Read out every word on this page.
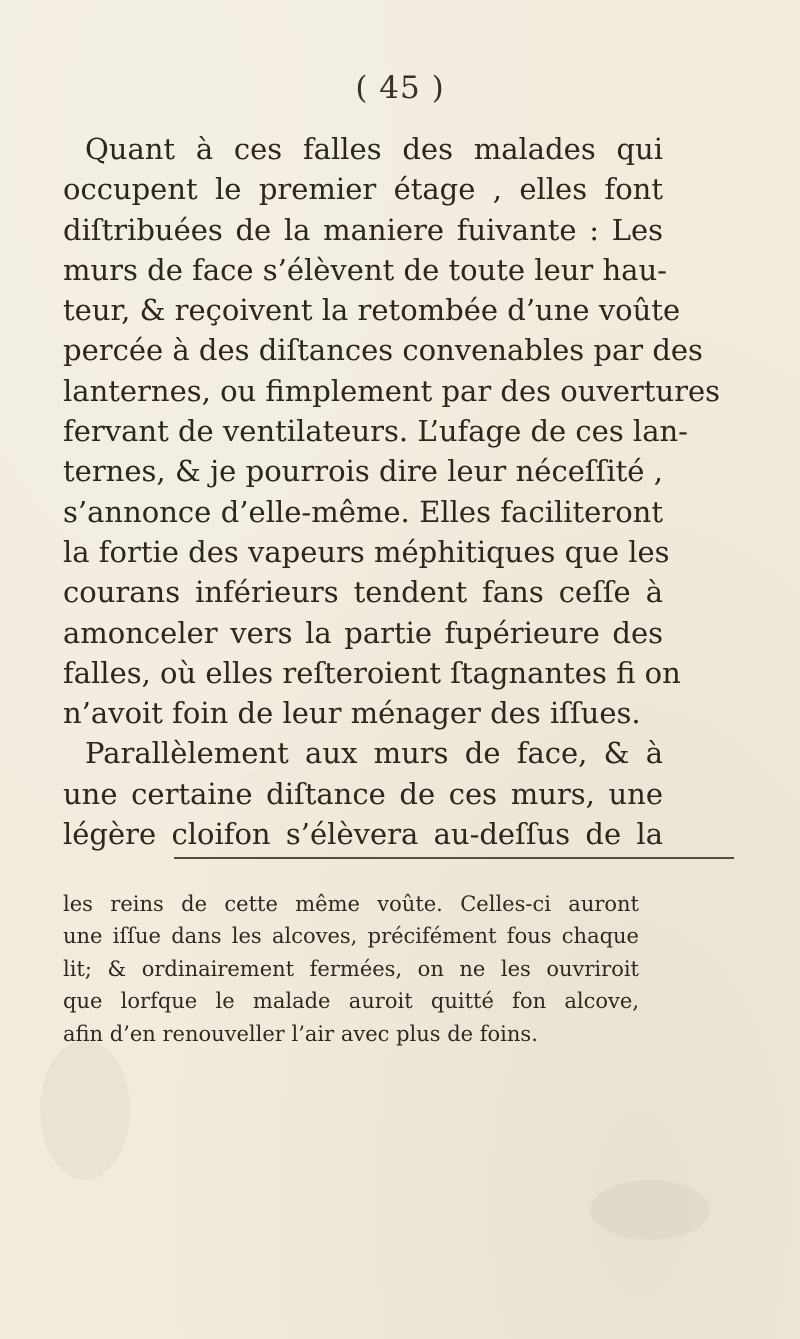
( 45 )
Quant à ces falles des malades qui
occupent le premier étage , elles font
diſtribuées de la maniere fuivante : Les
murs de face s’élèvent de toute leur hau-
teur, & reçoivent la retombée d’une voûte
percée à des diſtances convenables par des
lanternes, ou fimplement par des ouvertures
fervant de ventilateurs. L’ufage de ces lan-
ternes, & je pourrois dire leur néceſſité ,
s’annonce d’elle-même. Elles faciliteront
la fortie des vapeurs méphitiques que les
courans inférieurs tendent fans ceſſe à
amonceler vers la partie fupérieure des
falles, où elles reſteroient ſtagnantes fi on
n’avoit foin de leur ménager des iſſues.
Parallèlement aux murs de face, & à
une certaine diſtance de ces murs, une
légère cloifon s’élèvera au-deſſus de la
les reins de cette même voûte. Celles-ci auront
une iſſue dans les alcoves, précifément fous chaque
lit; & ordinairement fermées, on ne les ouvriroit
que lorfque le malade auroit quitté fon alcove,
afin d’en renouveller l’air avec plus de foins.
